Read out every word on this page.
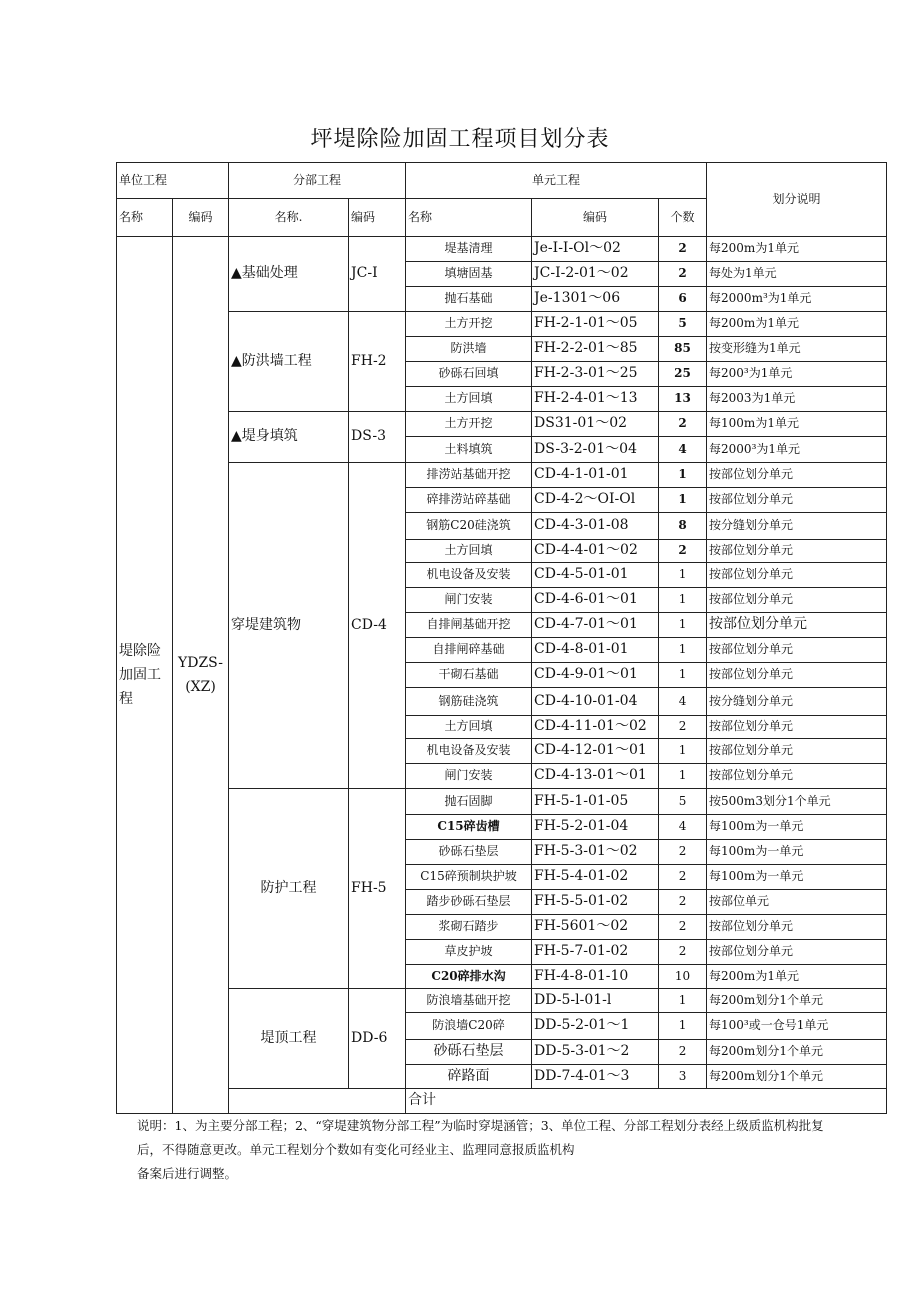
坪堤除险加固工程项目划分表
单位工程		分部工程		单元工程			划分说明	
名称	编码	名称.	编码	名称	编码	个数		
堤除险加固工程	YDZS-(XZ)	▲基础处理	JC-I	堤基清理	Je-I-I-Ol～02	2	每200m为1单元	
				填塘固基	JC-I-2-01～02	2	每处为1单元	
				抛石基础	Je-1301～06	6	每2000m³为1单元	
		▲防洪墙工程	FH-2	土方开挖	FH-2-1-01～05	5	每200m为1单元	
				防洪墙	FH-2-2-01～85	85	按变形缝为1单元	
				砂砾石回填	FH-2-3-01～25	25	每200³为1单元	
				土方回填	FH-2-4-01～13	13	每2003为1单元	
		▲堤身填筑	DS-3	土方开挖	DS31-01～02	2	每100m为1单元	
				土料填筑	DS-3-2-01～04	4	每2000³为1单元	
		穿堤建筑物	CD-4	排涝站基础开挖	CD-4-1-01-01	1	按部位划分单元	
				碎排涝站碎基础	CD-4-2～OI-Ol	1	按部位划分单元	
				钢筋C20硅浇筑	CD-4-3-01-08	8	按分缝划分单元	
				土方回填	CD-4-4-01～02	2	按部位划分单元	
				机电设备及安装	CD-4-5-01-01	1	按部位划分单元	
				闸门安装	CD-4-6-01～01	1	按部位划分单元	
				自排闸基础开挖	CD-4-7-01～01	1	按部位划分单元	
				自排闸碎基础	CD-4-8-01-01	1	按部位划分单元	
				干砌石基础	CD-4-9-01～01	1	按部位划分单元	
				钢筋硅浇筑	CD-4-10-01-04	4	按分缝划分单元	
				土方回填	CD-4-11-01～02	2	按部位划分单元	
				机电设备及安装	CD-4-12-01～01	1	按部位划分单元	
				闸门安装	CD-4-13-01～01	1	按部位划分单元	
		防护工程	FH-5	抛石固脚	FH-5-1-01-05	5	按500m3划分1个单元	
				C15碎齿槽	FH-5-2-01-04	4	每100m为一单元	
				砂砾石垫层	FH-5-3-01～02	2	每100m为一单元	
				C15碎预制块护坡	FH-5-4-01-02	2	每100m为一单元	
				踏步砂砾石垫层	FH-5-5-01-02	2	按部位单元	
				浆砌石踏步	FH-5601～02	2	按部位划分单元	
				草皮护坡	FH-5-7-01-02	2	按部位划分单元	
				C20碎排水沟	FH-4-8-01-10	10	每200m为1单元	
		堤顶工程	DD-6	防浪墙基础开挖	DD-5-l-01-l	1	每200m划分1个单元	
				防浪墙C20碎	DD-5-2-01～1	1	每100³或一仓号1单元	
				砂砾石垫层	DD-5-3-01～2	2	每200m划分1个单元	
				碎路面	DD-7-4-01～3	3	每200m划分1个单元	
				合计		
说明：1、为主要分部工程；2、“穿堤建筑物分部工程”为临时穿堤涵管；3、单位工程、分部工程划分表经上级质监机构批复
后，不得随意更改。单元工程划分个数如有变化可经业主、监理同意报质监机构
备案后进行调整。
